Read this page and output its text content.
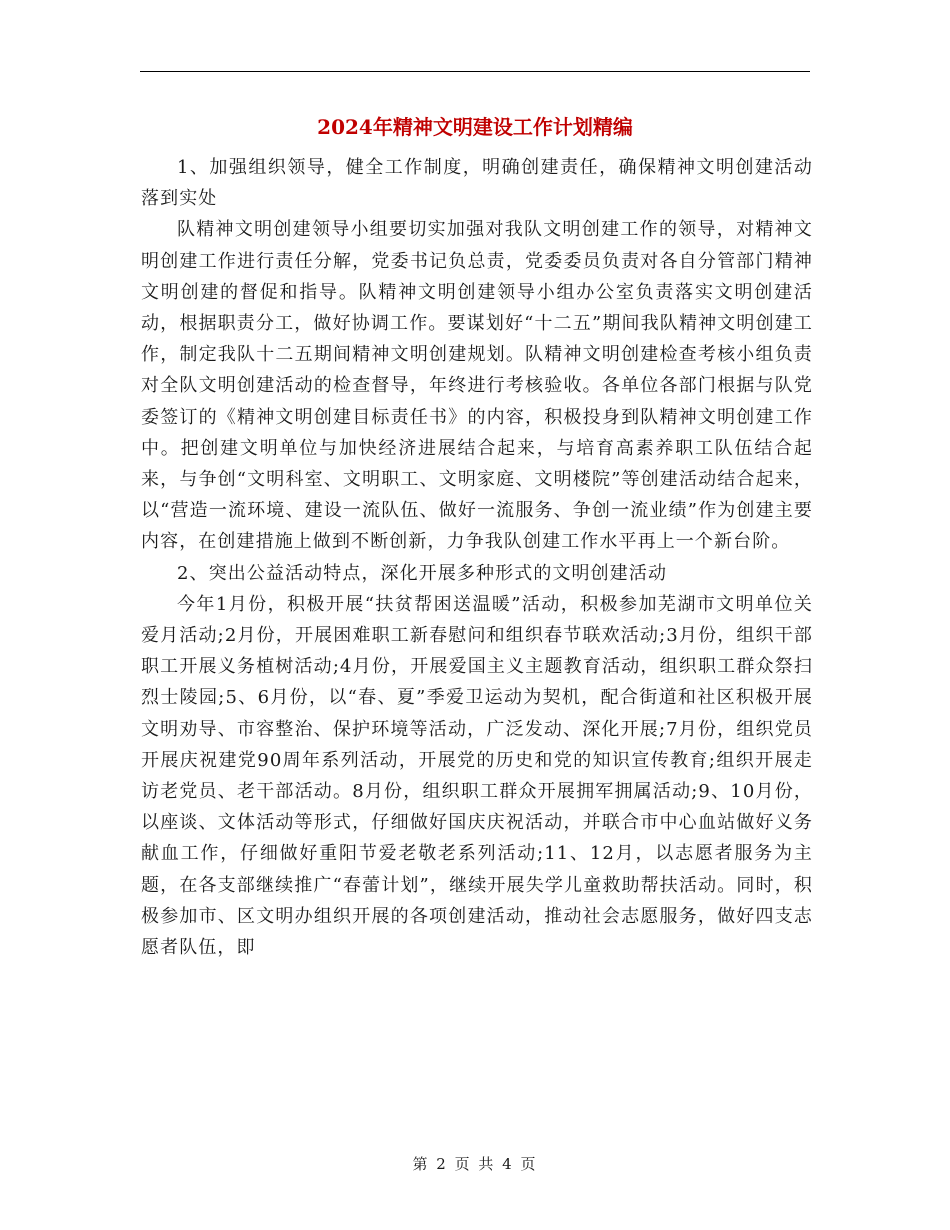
2024年精神文明建设工作计划精编

1、加强组织领导，健全工作制度，明确创建责任，确保精神文明创建活动落到实处

队精神文明创建领导小组要切实加强对我队文明创建工作的领导，对精神文明创建工作进行责任分解，党委书记负总责，党委委员负责对各自分管部门精神文明创建的督促和指导。队精神文明创建领导小组办公室负责落实文明创建活动，根据职责分工，做好协调工作。要谋划好“十二五”期间我队精神文明创建工作，制定我队十二五期间精神文明创建规划。队精神文明创建检查考核小组负责对全队文明创建活动的检查督导，年终进行考核验收。各单位各部门根据与队党委签订的《精神文明创建目标责任书》的内容，积极投身到队精神文明创建工作中。把创建文明单位与加快经济进展结合起来，与培育高素养职工队伍结合起来，与争创“文明科室、文明职工、文明家庭、文明楼院”等创建活动结合起来，以“营造一流环境、建设一流队伍、做好一流服务、争创一流业绩”作为创建主要内容，在创建措施上做到不断创新，力争我队创建工作水平再上一个新台阶。

2、突出公益活动特点，深化开展多种形式的文明创建活动

今年1月份，积极开展“扶贫帮困送温暖”活动，积极参加芜湖市文明单位关爱月活动;2月份，开展困难职工新春慰问和组织春节联欢活动;3月份，组织干部职工开展义务植树活动;4月份，开展爱国主义主题教育活动，组织职工群众祭扫烈士陵园;5、6月份，以“春、夏”季爱卫运动为契机，配合街道和社区积极开展文明劝导、市容整治、保护环境等活动，广泛发动、深化开展;7月份，组织党员开展庆祝建党90周年系列活动，开展党的历史和党的知识宣传教育;组织开展走访老党员、老干部活动。8月份，组织职工群众开展拥军拥属活动;9、10月份，以座谈、文体活动等形式，仔细做好国庆庆祝活动，并联合市中心血站做好义务献血工作，仔细做好重阳节爱老敬老系列活动;11、12月，以志愿者服务为主题，在各支部继续推广“春蕾计划”，继续开展失学儿童救助帮扶活动。同时，积极参加市、区文明办组织开展的各项创建活动，推动社会志愿服务，做好四支志愿者队伍，即

第 2 页 共 4 页
